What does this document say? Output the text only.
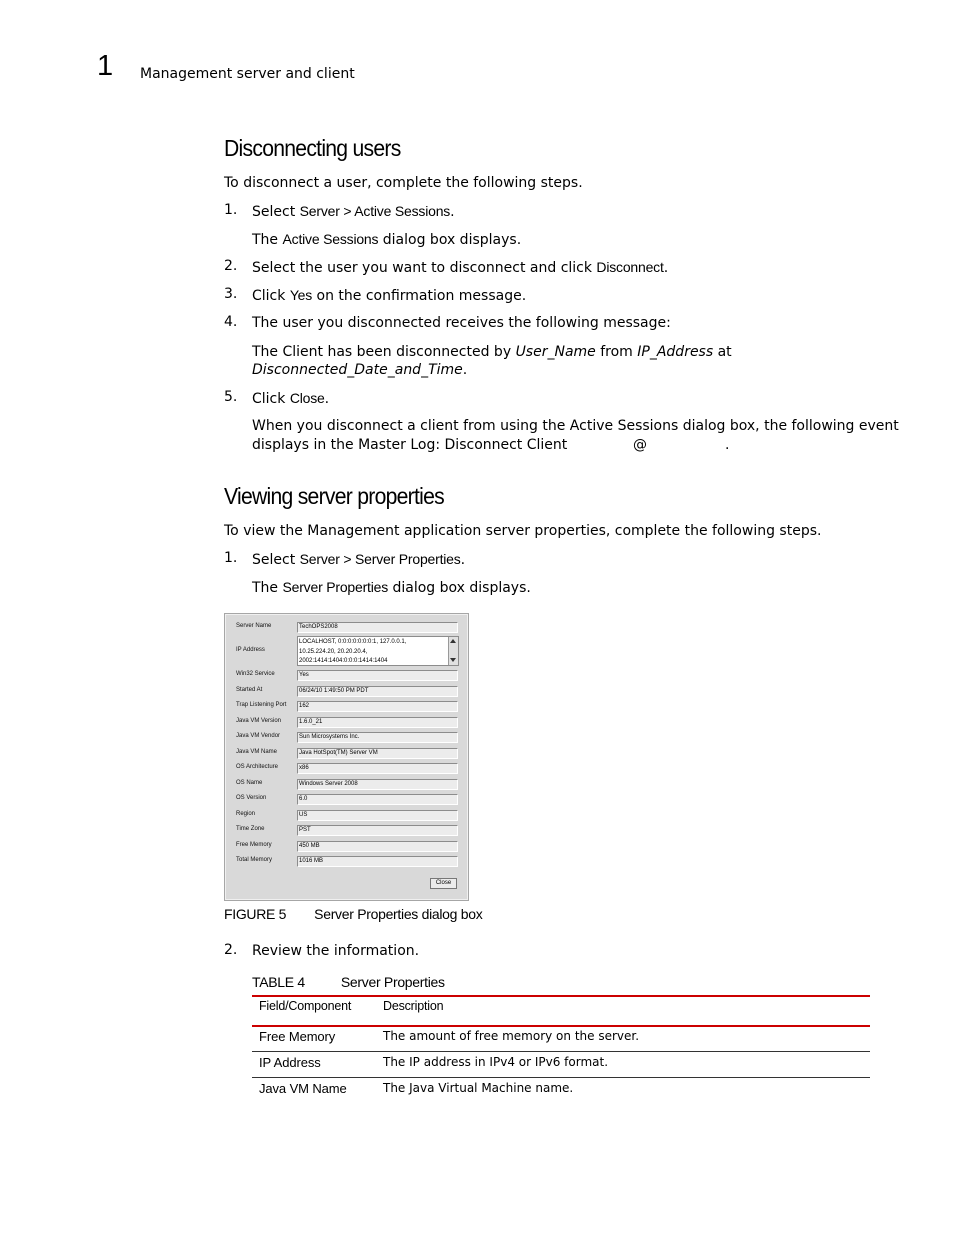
1 Management server and client
Disconnecting users
To disconnect a user, complete the following steps.
1. Select Server > Active Sessions.
The Active Sessions dialog box displays.
2. Select the user you want to disconnect and click Disconnect.
3. Click Yes on the confirmation message.
4. The user you disconnected receives the following message:
The Client has been disconnected by User_Name from IP_Address at
Disconnected_Date_and_Time.
5. Click Close.
When you disconnect a client from using the Active Sessions dialog box, the following event
displays in the Master Log: Disconnect Client	@	.
Viewing server properties
To view the Management application server properties, complete the following steps.
1. Select Server > Server Properties.
The Server Properties dialog box displays.
Server Name	TechOPS2008
IP Address
LOCALHOST, 0:0:0:0:0:0:0:1, 127.0.0.1,
10.25.224.20, 20.20.20.4,
2002:1414:1404:0:0:0:1414:1404
Win32 Service	Yes
Started At	06/24/10 1:49:50 PM PDT
Trap Listening Port	162
Java VM Version	1.6.0_21
Java VM Vendor	Sun Microsystems Inc.
Java VM Name	Java HotSpot(TM) Server VM
OS Architecture	x86
OS Name	Windows Server 2008
OS Version	6.0
Region	US
Time Zone	PST
Free Memory	450 MB
Total Memory	1016 MB
Close
FIGURE 5 Server Properties dialog box
2. Review the information.
TABLE 4	Server Properties
Field/Component	Description
Free Memory	The amount of free memory on the server.
IP Address	The IP address in IPv4 or IPv6 format.
Java VM Name	The Java Virtual Machine name.
